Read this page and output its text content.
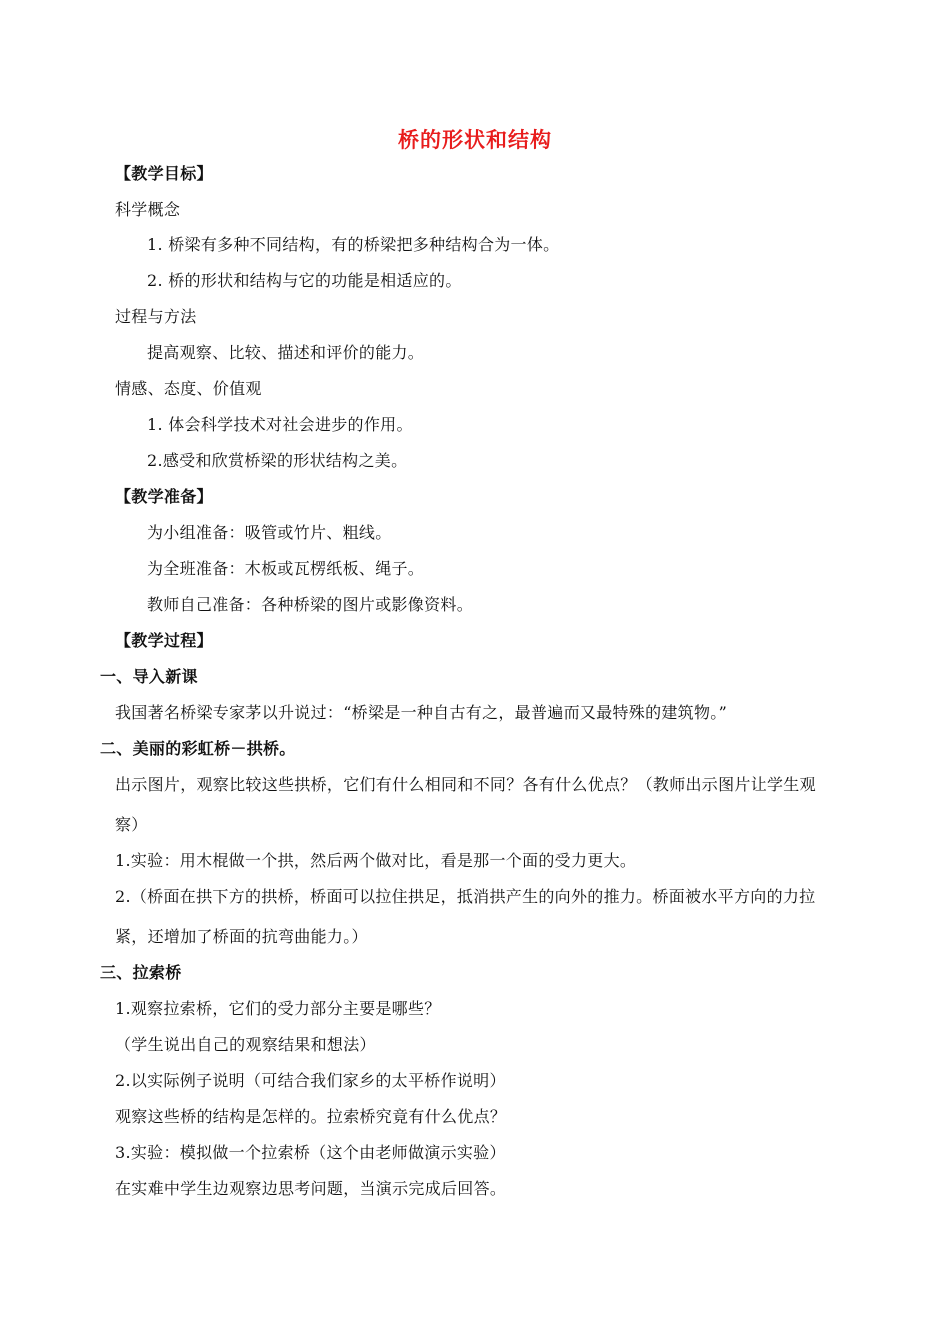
桥的形状和结构
【教学目标】
科学概念
1. 桥梁有多种不同结构，有的桥梁把多种结构合为一体。
2. 桥的形状和结构与它的功能是相适应的。
过程与方法
提高观察、比较、描述和评价的能力。
情感、态度、价值观
1. 体会科学技术对社会进步的作用。
2.感受和欣赏桥梁的形状结构之美。
【教学准备】
为小组准备：吸管或竹片、粗线。
为全班准备：木板或瓦楞纸板、绳子。
教师自己准备：各种桥梁的图片或影像资料。
【教学过程】
一、导入新课
我国著名桥梁专家茅以升说过：“桥梁是一种自古有之，最普遍而又最特殊的建筑物。”
二、美丽的彩虹桥－拱桥。
出示图片，观察比较这些拱桥，它们有什么相同和不同？各有什么优点？（教师出示图片让学生观
察）
1.实验：用木棍做一个拱，然后两个做对比，看是那一个面的受力更大。
2.（桥面在拱下方的拱桥，桥面可以拉住拱足，抵消拱产生的向外的推力。桥面被水平方向的力拉
紧，还增加了桥面的抗弯曲能力。）
三、拉索桥
1.观察拉索桥，它们的受力部分主要是哪些？
（学生说出自己的观察结果和想法）
2.以实际例子说明（可结合我们家乡的太平桥作说明）
观察这些桥的结构是怎样的。拉索桥究竟有什么优点？
3.实验：模拟做一个拉索桥（这个由老师做演示实验）
在实难中学生边观察边思考问题，当演示完成后回答。
